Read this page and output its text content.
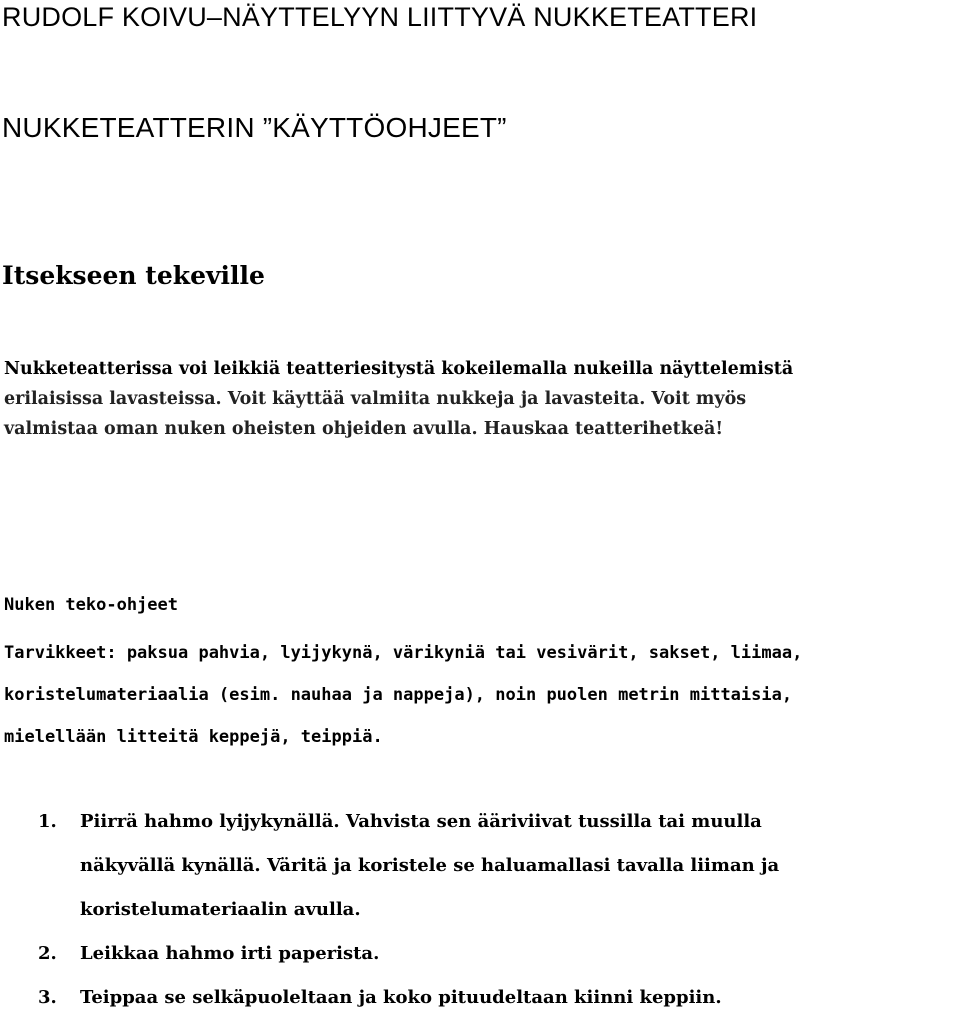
RUDOLF KOIVU–NÄYTTELYYN LIITTYVÄ NUKKETEATTERI
NUKKETEATTERIN ”KÄYTTÖOHJEET”
Itsekseen tekeville

Nukketeatterissa voi leikkiä teatteriesitystä kokeilemalla nukeilla näyttelemistä
erilaisissa lavasteissa. Voit käyttää valmiita nukkeja ja lavasteita. Voit myös
valmistaa oman nuken oheisten ohjeiden avulla. Hauskaa teatterihetkeä!

Nuken teko-ohjeet

Tarvikkeet: paksua pahvia, lyijykynä, värikyniä tai vesivärit, sakset, liimaa,
koristelumateriaalia (esim. nauhaa ja nappeja), noin puolen metrin mittaisia,
mielellään litteitä keppejä, teippiä.

1. Piirrä hahmo lyijykynällä. Vahvista sen ääriviivat tussilla tai muulla
näkyvällä kynällä. Väritä ja koristele se haluamallasi tavalla liiman ja
koristelumateriaalin avulla.
2. Leikkaa hahmo irti paperista.
3. Teippaa se selkäpuoleltaan ja koko pituudeltaan kiinni keppiin.
